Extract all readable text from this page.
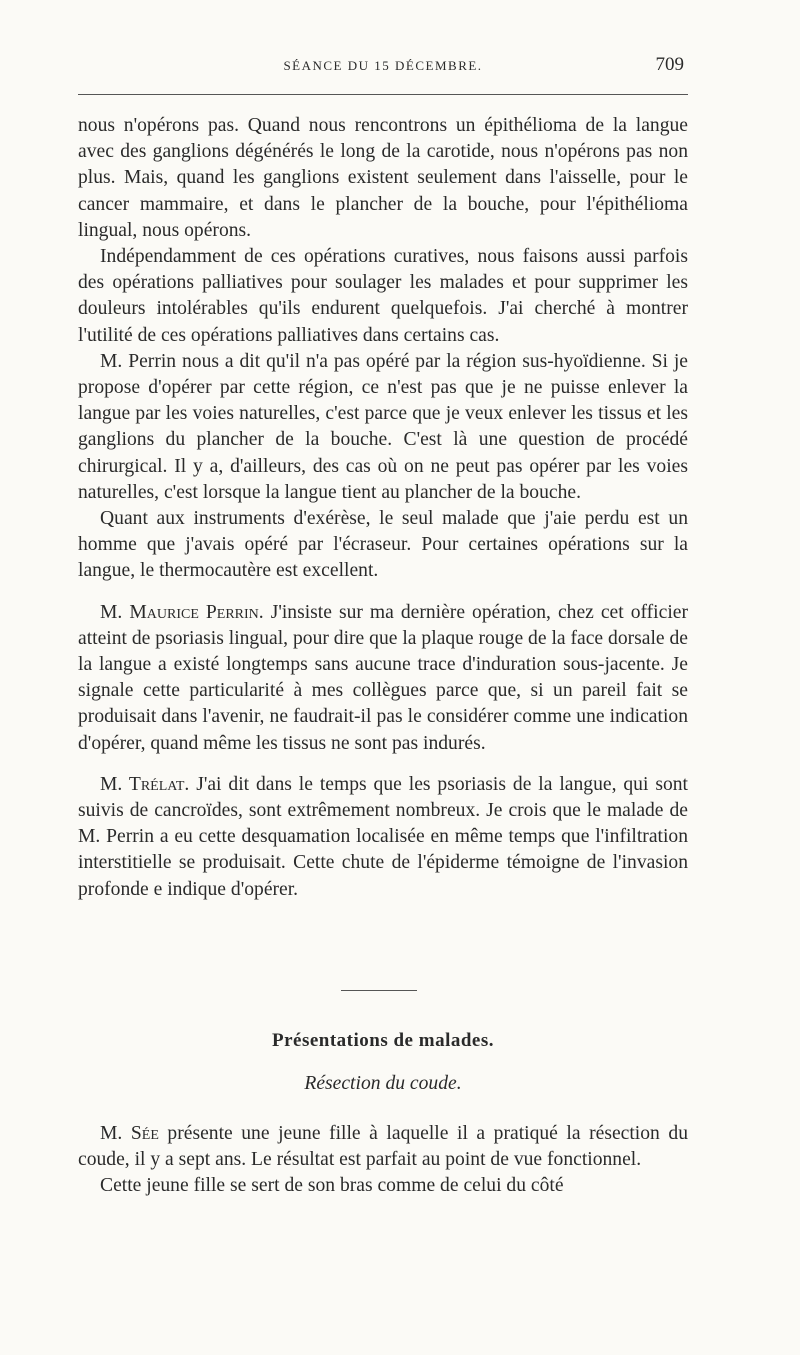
SÉANCE DU 15 DÉCEMBRE.	709

nous n'opérons pas. Quand nous rencontrons un épithélioma de la langue avec des ganglions dégénérés le long de la carotide, nous n'opérons pas non plus. Mais, quand les ganglions existent seulement dans l'aisselle, pour le cancer mammaire, et dans le plancher de la bouche, pour l'épithélioma lingual, nous opérons.

Indépendamment de ces opérations curatives, nous faisons aussi parfois des opérations palliatives pour soulager les malades et pour supprimer les douleurs intolérables qu'ils endurent quelquefois. J'ai cherché à montrer l'utilité de ces opérations palliatives dans certains cas.

M. Perrin nous a dit qu'il n'a pas opéré par la région sus-hyoïdienne. Si je propose d'opérer par cette région, ce n'est pas que je ne puisse enlever la langue par les voies naturelles, c'est parce que je veux enlever les tissus et les ganglions du plancher de la bouche. C'est là une question de procédé chirurgical. Il y a, d'ailleurs, des cas où on ne peut pas opérer par les voies naturelles, c'est lorsque la langue tient au plancher de la bouche.

Quant aux instruments d'exérèse, le seul malade que j'aie perdu est un homme que j'avais opéré par l'écraseur. Pour certaines opérations sur la langue, le thermocautère est excellent.

M. Maurice Perrin. J'insiste sur ma dernière opération, chez cet officier atteint de psoriasis lingual, pour dire que la plaque rouge de la face dorsale de la langue a existé longtemps sans aucune trace d'induration sous-jacente. Je signale cette particularité à mes collègues parce que, si un pareil fait se produisait dans l'avenir, ne faudrait-il pas le considérer comme une indication d'opérer, quand même les tissus ne sont pas indurés.

M. Trélat. J'ai dit dans le temps que les psoriasis de la langue, qui sont suivis de cancroïdes, sont extrêmement nombreux. Je crois que le malade de M. Perrin a eu cette desquamation localisée en même temps que l'infiltration interstitielle se produisait. Cette chute de l'épiderme témoigne de l'invasion profonde e indique d'opérer.

Présentations de malades.
Résection du coude.

M. Sée présente une jeune fille à laquelle il a pratiqué la résection du coude, il y a sept ans. Le résultat est parfait au point de vue fonctionnel.

Cette jeune fille se sert de son bras comme de celui du côté
